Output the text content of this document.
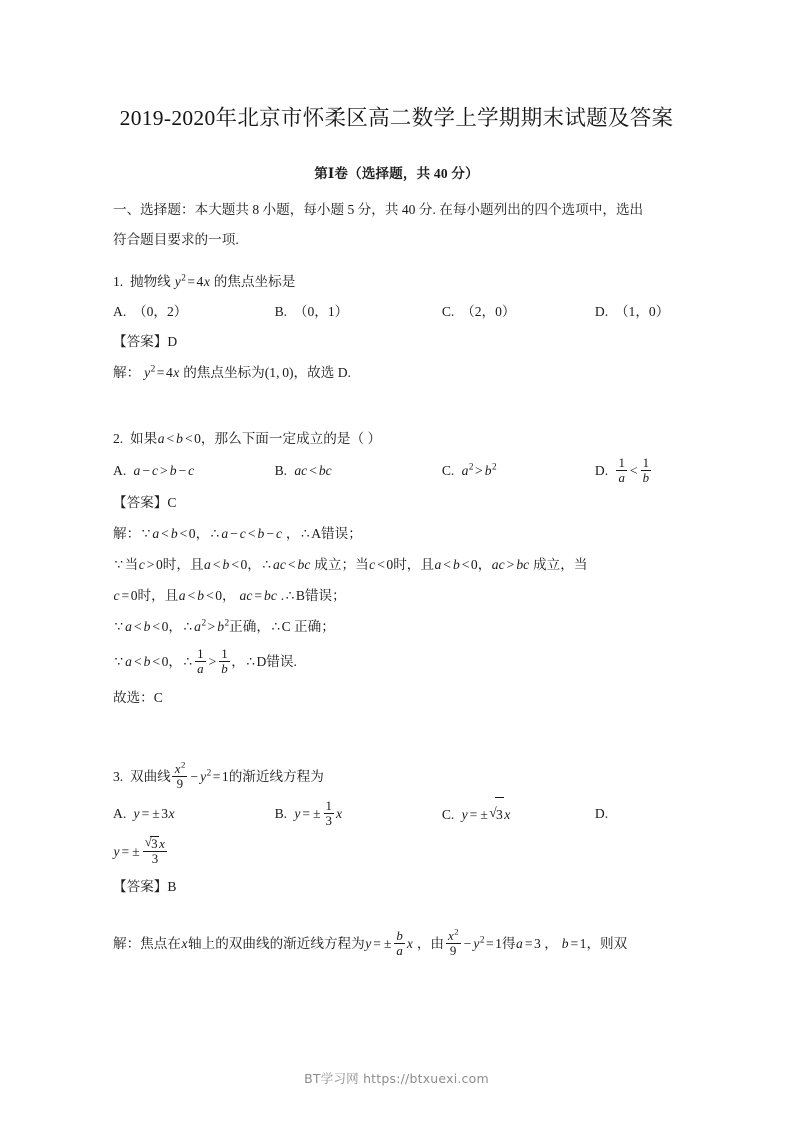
2019-2020年北京市怀柔区高二数学上学期期末试题及答案
第Ⅰ卷（选择题，共 40 分）

一、选择题：本大题共 8 小题，每小题 5 分，共 40 分. 在每小题列出的四个选项中，选出

符合题目要求的一项.

1. 抛物线 $y^2 = 4x$ 的焦点坐标是

A. （0，2）	B. （0，1）	C. （2，0）	D. （1，0）

【答案】D

解： $y^2 = 4x$ 的焦点坐标为(1, 0)，故选 D.

2. 如果a < b < 0，那么下面一定成立的是（ ）

A. a − c > b − c	B. ac < bc	C. $a^2 > b^2$	D. $\frac{1}{a} < \frac{1}{b}$

【答案】C

解： ∵ a < b < 0， ∴ a − c < b − c ， ∴ A错误；

∵ 当c > 0时，且a < b < 0， ∴ ac < bc 成立；当c < 0时，且a < b < 0，ac > bc 成立，当

c = 0时，且a < b < 0， ac = bc . ∴ B错误；

∵ a < b < 0， ∴ $a^2 > b^2$正确， ∴ C 正确；

∵ a < b < 0， ∴ $\frac{1}{a} > \frac{1}{b}$ ， ∴ D错误.

故选：C

3. 双曲线 $\frac{x^2}{9} - y^2 = 1$的渐近线方程为

A. y = ± 3x	B. y = ± $\frac{1}{3}$ x	C. y = ± √ 3 x	D.

y = ± √ $\frac{3 x}{3}$

【答案】B

解：焦点在x轴上的双曲线的渐近线方程为y = ± $\frac{b}{a}$ x ，由 $\frac{x^2}{9} - y^2 = 1$得a = 3 ， b = 1，则双

BT学习网 https://btxuexi.com
